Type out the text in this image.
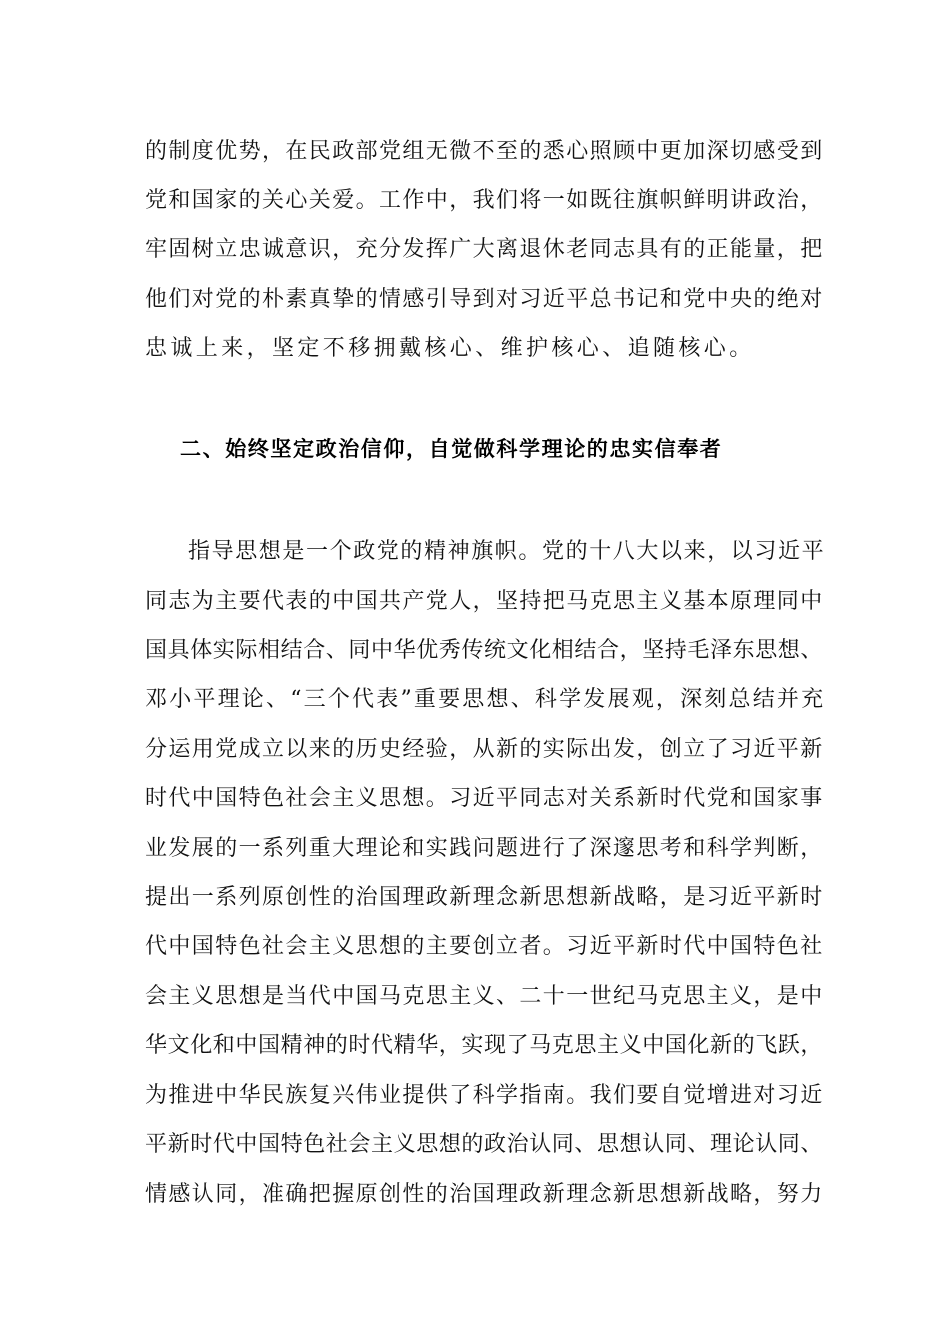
的制度优势，在民政部党组无微不至的悉心照顾中更加深切感受到
党和国家的关心关爱。工作中，我们将一如既往旗帜鲜明讲政治，
牢固树立忠诚意识，充分发挥广大离退休老同志具有的正能量，把
他们对党的朴素真挚的情感引导到对习近平总书记和党中央的绝对
忠诚上来，坚定不移拥戴核心、维护核心、追随核心。
二、始终坚定政治信仰，自觉做科学理论的忠实信奉者
指导思想是一个政党的精神旗帜。党的十八大以来，以习近平
同志为主要代表的中国共产党人，坚持把马克思主义基本原理同中
国具体实际相结合、同中华优秀传统文化相结合，坚持毛泽东思想、
邓小平理论、“三个代表”重要思想、科学发展观，深刻总结并充
分运用党成立以来的历史经验，从新的实际出发，创立了习近平新
时代中国特色社会主义思想。习近平同志对关系新时代党和国家事
业发展的一系列重大理论和实践问题进行了深邃思考和科学判断，
提出一系列原创性的治国理政新理念新思想新战略，是习近平新时
代中国特色社会主义思想的主要创立者。习近平新时代中国特色社
会主义思想是当代中国马克思主义、二十一世纪马克思主义，是中
华文化和中国精神的时代精华，实现了马克思主义中国化新的飞跃，
为推进中华民族复兴伟业提供了科学指南。我们要自觉增进对习近
平新时代中国特色社会主义思想的政治认同、思想认同、理论认同、
情感认同，准确把握原创性的治国理政新理念新思想新战略，努力
